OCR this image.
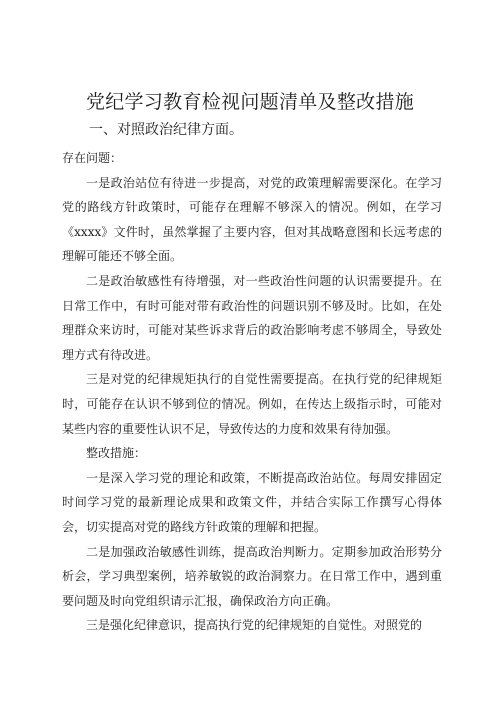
党纪学习教育检视问题清单及整改措施
一、对照政治纪律方面。

存在问题：

一是政治站位有待进一步提高，对党的政策理解需要深化。在学习党的路线方针政策时，可能存在理解不够深入的情况。例如，在学习《xxxx》文件时，虽然掌握了主要内容，但对其战略意图和长远考虑的理解可能还不够全面。

二是政治敏感性有待增强，对一些政治性问题的认识需要提升。在日常工作中，有时可能对带有政治性的问题识别不够及时。比如，在处理群众来访时，可能对某些诉求背后的政治影响考虑不够周全，导致处理方式有待改进。

三是对党的纪律规矩执行的自觉性需要提高。在执行党的纪律规矩时，可能存在认识不够到位的情况。例如，在传达上级指示时，可能对某些内容的重要性认识不足，导致传达的力度和效果有待加强。

整改措施：

一是深入学习党的理论和政策，不断提高政治站位。每周安排固定时间学习党的最新理论成果和政策文件，并结合实际工作撰写心得体会，切实提高对党的路线方针政策的理解和把握。

二是加强政治敏感性训练，提高政治判断力。定期参加政治形势分析会，学习典型案例，培养敏锐的政治洞察力。在日常工作中，遇到重要问题及时向党组织请示汇报，确保政治方向正确。

三是强化纪律意识，提高执行党的纪律规矩的自觉性。对照党的
